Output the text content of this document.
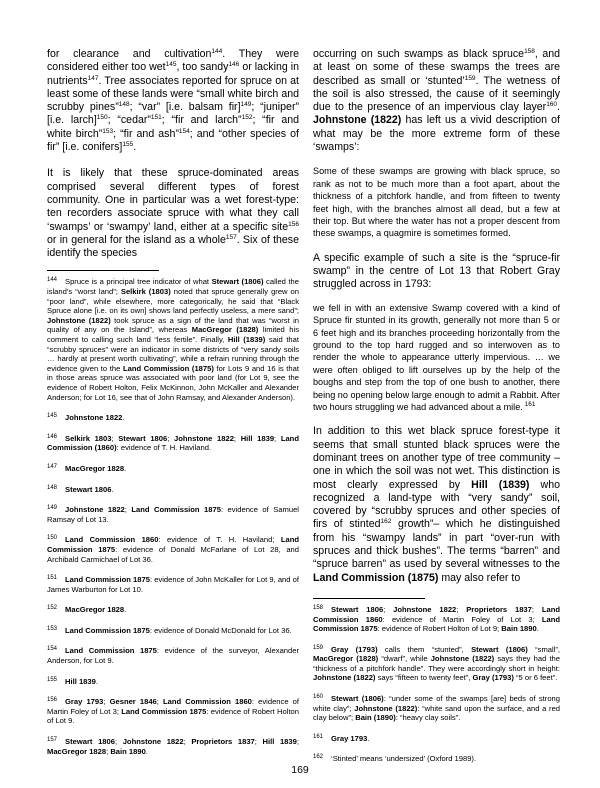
for clearance and cultivation$^{144}$. They were considered either too wet$^{145}$, too sandy$^{146}$ or lacking in nutrients$^{147}$. Tree associates reported for spruce on at least some of these lands were “small white birch and scrubby pines”$^{148}$; “var” [i.e. balsam fir]$^{149}$; “juniper” [i.e. larch]$^{150}$; “cedar”$^{151}$; “fir and larch”$^{152}$; “fir and white birch”$^{153}$; “fir and ash”$^{154}$; and “other species of fir” [i.e. conifers]$^{155}$.

It is likely that these spruce-dominated areas comprised several different types of forest community. One in particular was a wet forest-type: ten recorders associate spruce with what they call ‘swamps’ or ‘swampy’ land, either at a specific site$^{156}$ or in general for the island as a whole$^{157}$. Six of these identify the species

$^{144}$ Spruce is a principal tree indicator of what Stewart (1806) called the island’s “worst land”; Selkirk (1803) noted that spruce generally grew on “poor land”, while elsewhere, more categorically, he said that “Black Spruce alone [i.e. on its own] shows land perfectly useless, a mere sand”; Johnstone (1822) took spruce as a sign of the land that was “worst in quality of any on the Island”, whereas MacGregor (1828) limited his comment to calling such land “less fertile”. Finally, Hill (1839) said that “scrubby spruces” were an indicator in some districts of “very sandy soils … hardly at present worth cultivating”, while a refrain running through the evidence given to the Land Commission (1875) for Lots 9 and 16 is that in those areas spruce was associated with poor land (for Lot 9, see the evidence of Robert Holton, Felix McKinnon, John McKaller and Alexander Anderson; for Lot 16, see that of John Ramsay, and Alexander Anderson).

$^{145}$ Johnstone 1822.

$^{146}$ Selkirk 1803; Stewart 1806; Johnstone 1822; Hill 1839; Land Commission (1860): evidence of T. H. Haviland.

$^{147}$ MacGregor 1828.

$^{148}$ Stewart 1806.

$^{149}$ Johnstone 1822; Land Commission 1875: evidence of Samuel Ramsay of Lot 13.

$^{150}$ Land Commission 1860: evidence of T. H. Haviland; Land Commission 1875: evidence of Donald McFarlane of Lot 28, and Archibald Carmichael of Lot 36.

$^{151}$ Land Commission 1875: evidence of John McKaller for Lot 9, and of James Warburton for Lot 10.

$^{152}$ MacGregor 1828.

$^{153}$ Land Commission 1875: evidence of Donald McDonald for Lot 36.

$^{154}$ Land Commission 1875: evidence of the surveyor, Alexander Anderson, for Lot 9.

$^{155}$ Hill 1839.

$^{156}$ Gray 1793; Gesner 1846; Land Commission 1860: evidence of Martin Foley of Lot 3; Land Commission 1875: evidence of Robert Holton of Lot 9.

$^{157}$ Stewart 1806; Johnstone 1822; Proprietors 1837; Hill 1839; MacGregor 1828; Bain 1890.

occurring on such swamps as black spruce$^{158}$, and at least on some of these swamps the trees are described as small or ‘stunted’$^{159}$. The wetness of the soil is also stressed, the cause of it seemingly due to the presence of an impervious clay layer$^{160}$. Johnstone (1822) has left us a vivid description of what may be the more extreme form of these ‘swamps’:

Some of these swamps are growing with black spruce, so rank as not to be much more than a foot apart, about the thickness of a pitchfork handle, and from fifteen to twenty feet high, with the branches almost all dead, but a few at their top. But where the water has not a proper descent from these swamps, a quagmire is sometimes formed.

A specific example of such a site is the “spruce-fir swamp” in the centre of Lot 13 that Robert Gray struggled across in 1793:

we fell in with an extensive Swamp covered with a kind of Spruce fir stunted in its growth, generally not more than 5 or 6 feet high and its branches proceeding horizontally from the ground to the top hard rugged and so interwoven as to render the whole to appearance utterly impervious. … we were often obliged to lift ourselves up by the help of the boughs and step from the top of one bush to another, there being no opening below large enough to admit a Rabbit. After two hours struggling we had advanced about a mile. $^{161}$

In addition to this wet black spruce forest-type it seems that small stunted black spruces were the dominant trees on another type of tree community – one in which the soil was not wet. This distinction is most clearly expressed by Hill (1839) who recognized a land-type with “very sandy” soil, covered by “scrubby spruces and other species of firs of stinted$^{162}$ growth”– which he distinguished from his “swampy lands” in part “over-run with spruces and thick bushes”. The terms “barren” and “spruce barren” as used by several witnesses to the Land Commission (1875) may also refer to

$^{158}$ Stewart 1806; Johnstone 1822; Proprietors 1837; Land Commission 1860: evidence of Martin Foley of Lot 3; Land Commission 1875: evidence of Robert Holton of Lot 9; Bain 1890.

$^{159}$ Gray (1793) calls them “stunted”, Stewart (1806) “small”, MacGregor (1828) “dwarf”, while Johnstone (1822) says they had the “thickness of a pitchfork handle”. They were accordingly short in height: Johnstone (1822) says “fifteen to twenty feet”, Gray (1793) “5 or 6 feet”.

$^{160}$ Stewart (1806): “under some of the swamps [are] beds of strong white clay”; Johnstone (1822): “white sand upon the surface, and a red clay below”; Bain (1890): “heavy clay soils”.

$^{161}$ Gray 1793.

$^{162}$ ‘Stinted’ means ‘undersized’ (Oxford 1989).

169
